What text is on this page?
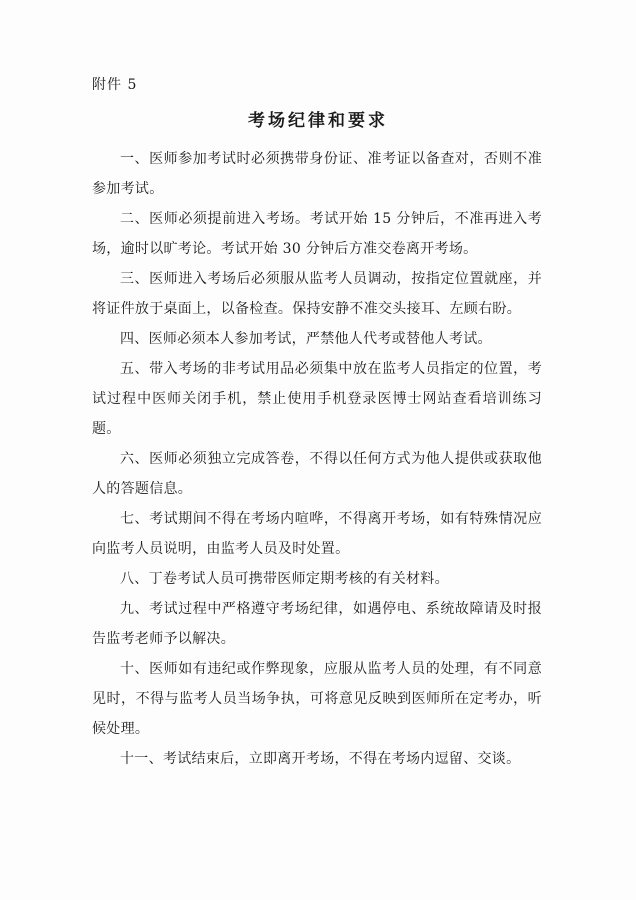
附件 5
考场纪律和要求

一、医师参加考试时必须携带身份证、准考证以备查对，否则不准参加考试。

二、医师必须提前进入考场。考试开始 15 分钟后，不准再进入考场，逾时以旷考论。考试开始 30 分钟后方准交卷离开考场。

三、医师进入考场后必须服从监考人员调动，按指定位置就座，并将证件放于桌面上，以备检查。保持安静不准交头接耳、左顾右盼。

四、医师必须本人参加考试，严禁他人代考或替他人考试。

五、带入考场的非考试用品必须集中放在监考人员指定的位置，考试过程中医师关闭手机，禁止使用手机登录医博士网站查看培训练习题。

六、医师必须独立完成答卷，不得以任何方式为他人提供或获取他人的答题信息。

七、考试期间不得在考场内喧哗，不得离开考场，如有特殊情况应向监考人员说明，由监考人员及时处置。

八、丁卷考试人员可携带医师定期考核的有关材料。

九、考试过程中严格遵守考场纪律，如遇停电、系统故障请及时报告监考老师予以解决。

十、医师如有违纪或作弊现象，应服从监考人员的处理，有不同意见时，不得与监考人员当场争执，可将意见反映到医师所在定考办，听候处理。

十一、考试结束后，立即离开考场，不得在考场内逗留、交谈。
